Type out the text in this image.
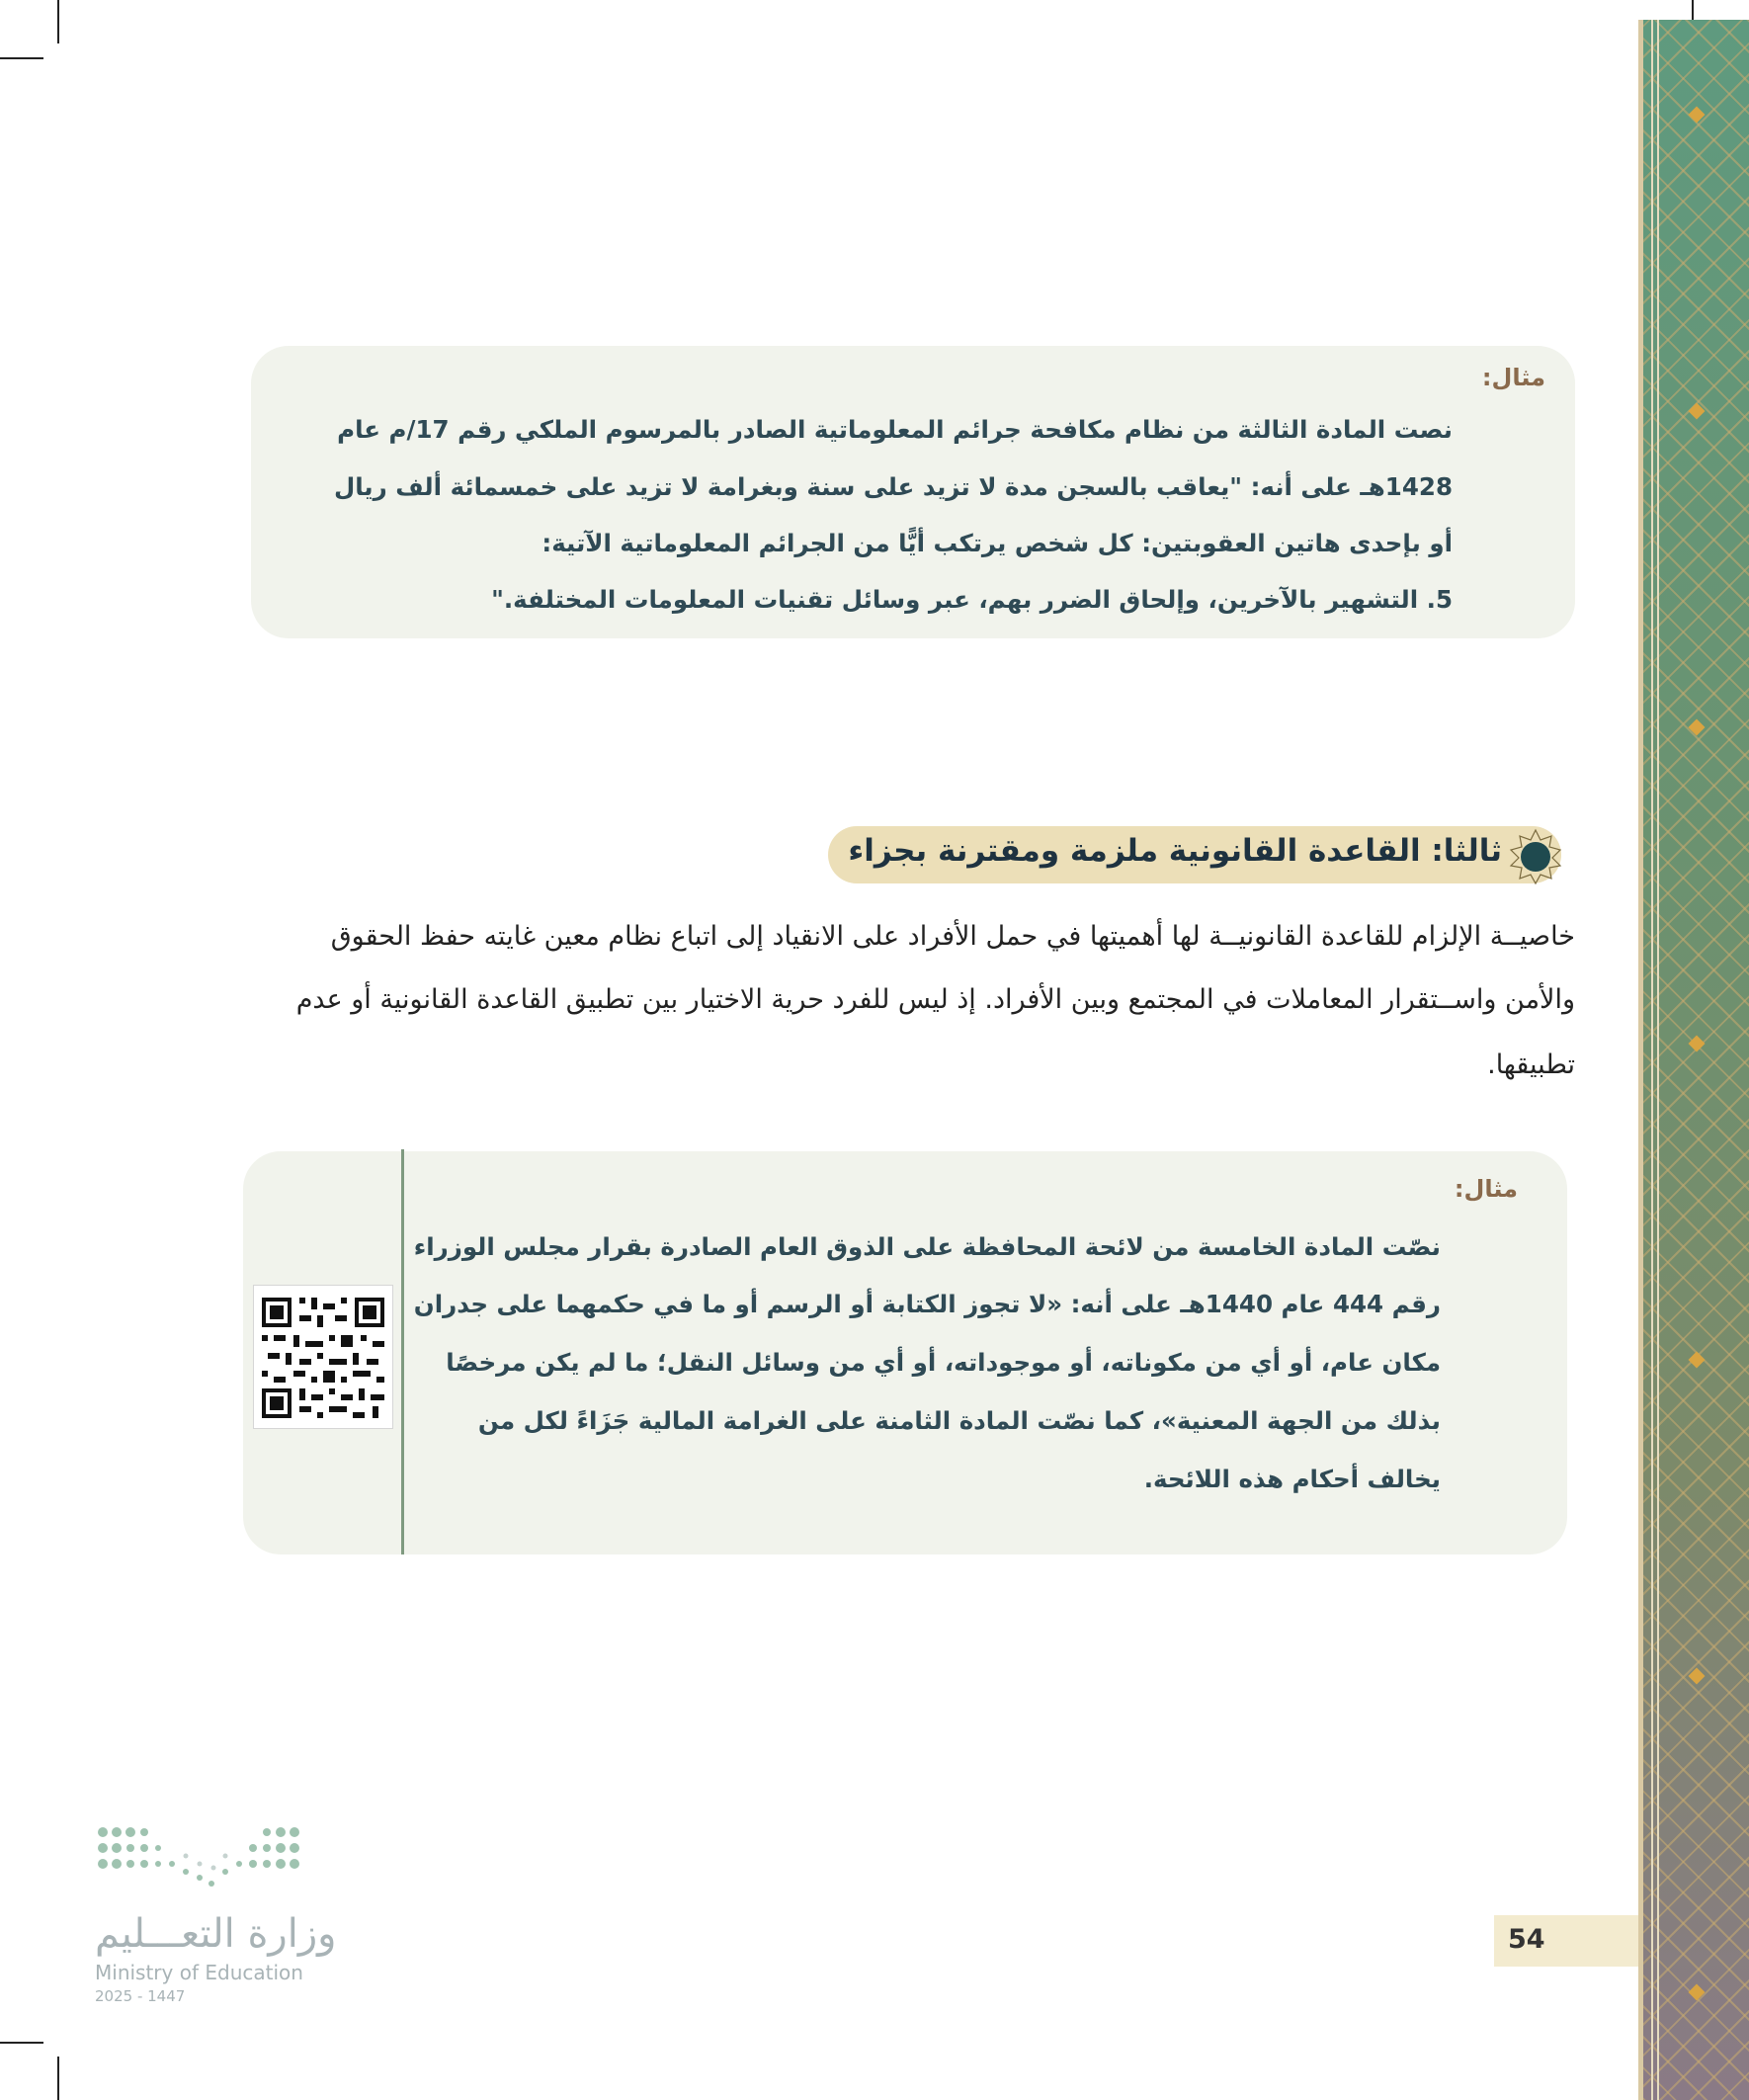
مثال:
نصت المادة الثالثة من نظام مكافحة جرائم المعلوماتية الصادر بالمرسوم الملكي رقم 17/م عام
1428هـ على أنه: "يعاقب بالسجن مدة لا تزيد على سنة وبغرامة لا تزيد على خمسمائة ألف ريال
أو بإحدى هاتين العقوبتين: كل شخص يرتكب أيًّا من الجرائم المعلوماتية الآتية:
5. التشهير بالآخرين، وإلحاق الضرر بهم، عبر وسائل تقنيات المعلومات المختلفة."
ثالثا: القاعدة القانونية ملزمة ومقترنة بجزاء
خاصيــة الإلزام للقاعدة القانونيــة لها أهميتها في حمل الأفراد على الانقياد إلى اتباع نظام معين غايته حفظ الحقوق
والأمن واســتقرار المعاملات في المجتمع وبين الأفراد. إذ ليس للفرد حرية الاختيار بين تطبيق القاعدة القانونية أو عدم
تطبيقها.
مثال:
نصّت المادة الخامسة من لائحة المحافظة على الذوق العام الصادرة بقرار مجلس الوزراء
رقم 444 عام 1440هـ على أنه: «لا تجوز الكتابة أو الرسم أو ما في حكمهما على جدران
مكان عام، أو أي من مكوناته، أو موجوداته، أو أي من وسائل النقل؛ ما لم يكن مرخصًا
بذلك من الجهة المعنية»، كما نصّت المادة الثامنة على الغرامة المالية جَزَاءً لكل من
يخالف أحكام هذه اللائحة.
وزارة التعـــليم
Ministry of Education
2025 - 1447
54
